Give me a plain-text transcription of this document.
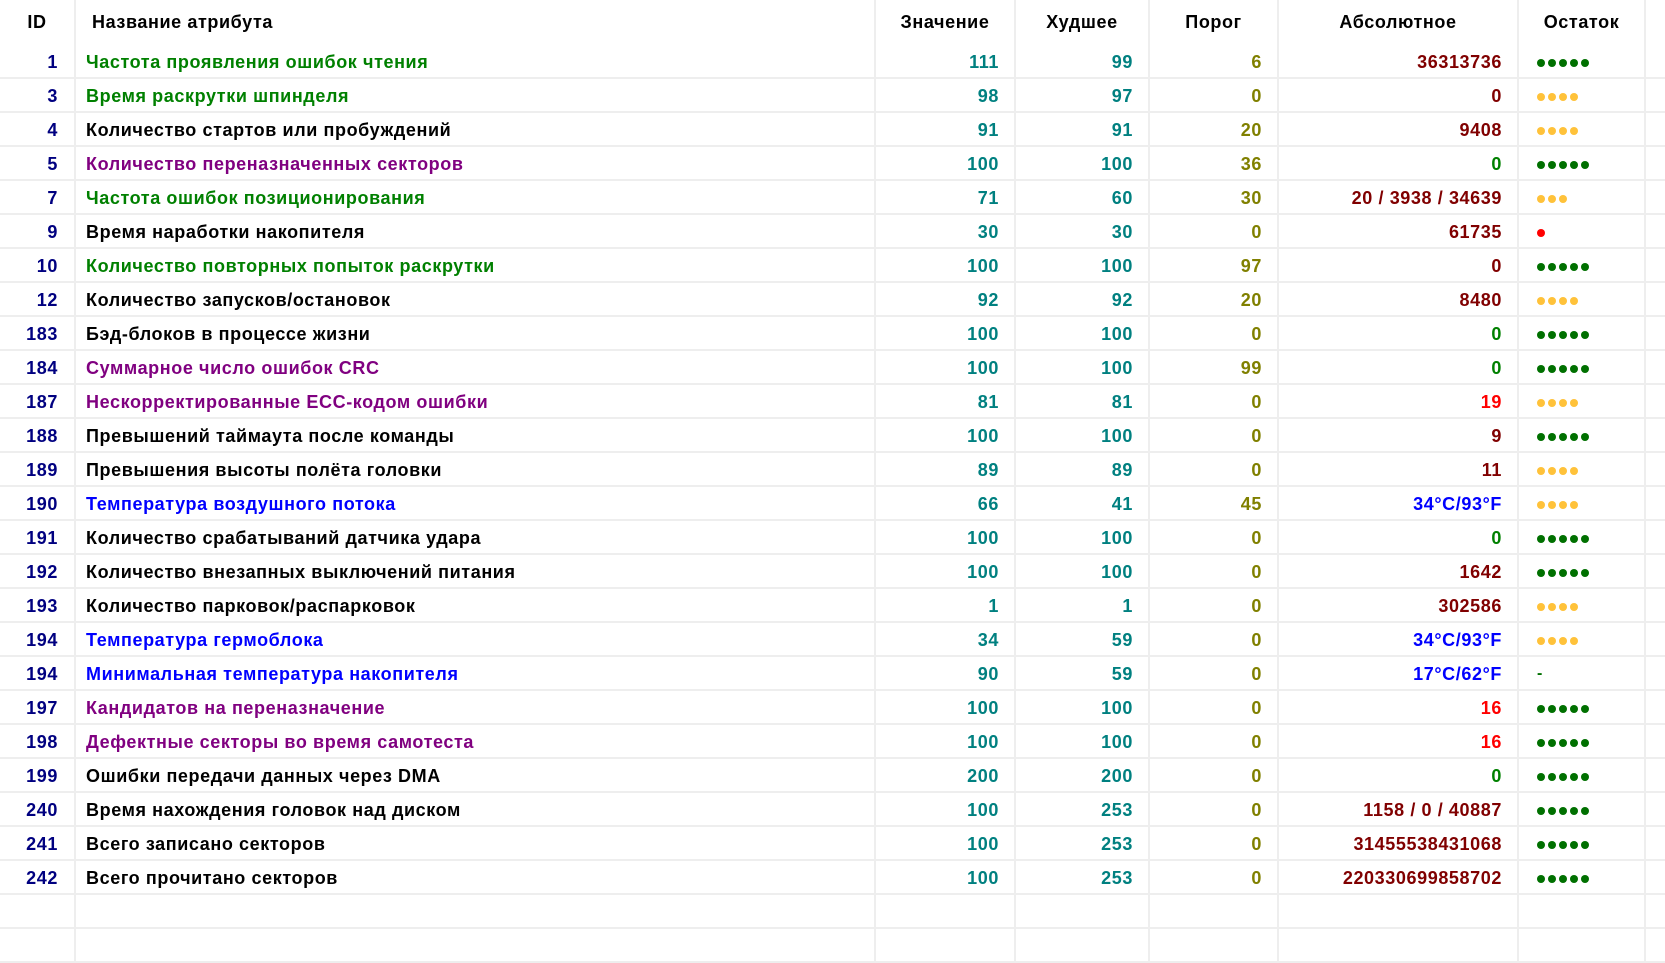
ID	Название атрибута	Значение	Худшее	Порог	Абсолютное	Остаток
1	Частота проявления ошибок чтения	111	99	6	36313736
3	Время раскрутки шпинделя	98	97	0	0
4	Количество стартов или пробуждений	91	91	20	9408
5	Количество переназначенных секторов	100	100	36	0
7	Частота ошибок позиционирования	71	60	30	20 / 3938 / 34639
9	Время наработки накопителя	30	30	0	61735
10	Количество повторных попыток раскрутки	100	100	97	0
12	Количество запусков/остановок	92	92	20	8480
183	Бэд-блоков в процессе жизни	100	100	0	0
184	Суммарное число ошибок CRC	100	100	99	0
187	Нескорректированные ECC-кодом ошибки	81	81	0	19
188	Превышений таймаута после команды	100	100	0	9
189	Превышения высоты полёта головки	89	89	0	11
190	Температура воздушного потока	66	41	45	34°C/93°F
191	Количество срабатываний датчика удара	100	100	0	0
192	Количество внезапных выключений питания	100	100	0	1642
193	Количество парковок/распарковок	1	1	0	302586
194	Температура гермоблока	34	59	0	34°C/93°F
194	Минимальная температура накопителя	90	59	0	17°C/62°F	-
197	Кандидатов на переназначение	100	100	0	16
198	Дефектные секторы во время самотеста	100	100	0	16
199	Ошибки передачи данных через DMA	200	200	0	0
240	Время нахождения головок над диском	100	253	0	1158 / 0 / 40887
241	Всего записано секторов	100	253	0	31455538431068
242	Всего прочитано секторов	100	253	0	220330699858702
